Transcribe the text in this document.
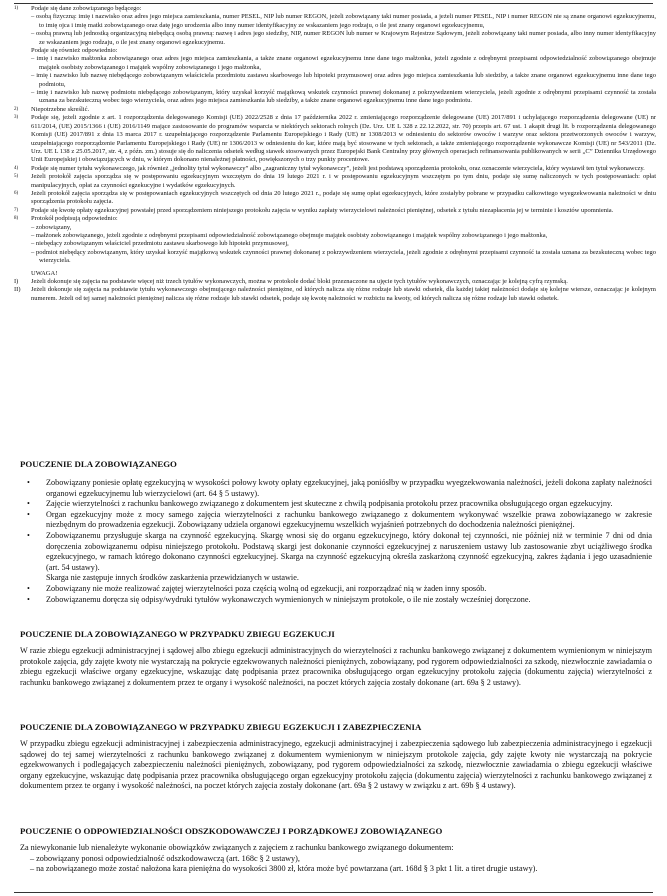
1)	Podaje się dane zobowiązanego będącego:
– osobą fizyczną: imię i nazwisko oraz adres jego miejsca zamieszkania, numer PESEL, NIP lub numer REGON, jeżeli zobowiązany taki numer posiada, a jeżeli numer PESEL, NIP i numer REGON nie są znane organowi egzekucyjnemu, to imię ojca i imię matki zobowiązanego oraz datę jego urodzenia albo inny numer identyfikacyjny ze wskazaniem jego rodzaju, o ile jest znany organowi egzekucyjnemu,
– osobą prawną lub jednostką organizacyjną niebędącą osobą prawną: nazwę i adres jego siedziby, NIP, numer REGON lub numer w Krajowym Rejestrze Sądowym, jeżeli zobowiązany taki numer posiada, albo inny numer identyfikacyjny ze wskazaniem jego rodzaju, o ile jest znany organowi egzekucyjnemu.
Podaje się również odpowiednio:
– imię i nazwisko małżonka zobowiązanego oraz adres jego miejsca zamieszkania, a także znane organowi egzekucyjnemu inne dane tego małżonka, jeżeli zgodnie z odrębnymi przepisami odpowiedzialność zobowiązanego obejmuje majątek osobisty zobowiązanego i majątek wspólny zobowiązanego i jego małżonka,
– imię i nazwisko lub nazwę niebędącego zobowiązanym właściciela przedmiotu zastawu skarbowego lub hipoteki przymusowej oraz adres jego miejsca zamieszkania lub siedziby, a także znane organowi egzekucyjnemu inne dane tego podmiotu,
– imię i nazwisko lub nazwę podmiotu niebędącego zobowiązanym, który uzyskał korzyść majątkową wskutek czynności prawnej dokonanej z pokrzywdzeniem wierzyciela, jeżeli zgodnie z odrębnymi przepisami czynność ta została uznana za bezskuteczną wobec tego wierzyciela, oraz adres jego miejsca zamieszkania lub siedziby, a także znane organowi egzekucyjnemu inne dane tego podmiotu.
2)	Niepotrzebne skreślić.
3)	Podaje się, jeżeli zgodnie z art. 1 rozporządzenia delegowanego Komisji (UE) 2022/2528 z dnia 17 października 2022 r. zmieniającego rozporządzenie delegowane (UE) 2017/891 i uchylającego rozporządzenia delegowane (UE) nr 611/2014, (UE) 2015/1366 i (UE) 2016/1149 mające zastosowanie do programów wsparcia w niektórych sektorach rolnych (Dz. Urz. UE L 328 z 22.12.2022, str. 70) przepis art. 67 ust. 1 akapit drugi lit. b rozporządzenia delegowanego Komisji (UE) 2017/891 z dnia 13 marca 2017 r. uzupełniającego rozporządzenie Parlamentu Europejskiego i Rady (UE) nr 1308/2013 w odniesieniu do sektorów owoców i warzyw oraz sektora przetworzonych owoców i warzyw, uzupełniającego rozporządzenie Parlamentu Europejskiego i Rady (UE) nr 1306/2013 w odniesieniu do kar, które mają być stosowane w tych sektorach, a także zmieniającego rozporządzenie wykonawcze Komisji (UE) nr 543/2011 (Dz. Urz. UE L 138 z 25.05.2017, str. 4, z późn. zm.) stosuje się do naliczenia odsetek według stawek stosowanych przez Europejski Bank Centralny przy głównych operacjach refinansowania publikowanych w serii „C” Dziennika Urzędowego Unii Europejskiej i obowiązujących w dniu, w którym dokonano nienależnej płatności, powiększonych o trzy punkty procentowe.
4)	Podaje się numer tytułu wykonawczego, jak również „jednolity tytuł wykonawczy” albo „zagraniczny tytuł wykonawczy”, jeżeli jest podstawą sporządzenia protokołu, oraz oznaczenie wierzyciela, który wystawił ten tytuł wykonawczy.
5)	Jeżeli protokół zajęcia sporządza się w postępowaniu egzekucyjnym wszczętym do dnia 19 lutego 2021 r. i w postępowaniu egzekucyjnym wszczętym po tym dniu, podaje się sumę naliczonych w tych postępowaniach: opłat manipulacyjnych, opłat za czynności egzekucyjne i wydatków egzekucyjnych.
6)	Jeżeli protokół zajęcia sporządza się w postępowaniach egzekucyjnych wszczętych od dnia 20 lutego 2021 r., podaje się sumę opłat egzekucyjnych, które zostałyby pobrane w przypadku całkowitego wyegzekwowania należności w dniu sporządzenia protokołu zajęcia.
7)	Podaje się kwotę opłaty egzekucyjnej powstałej przed sporządzeniem niniejszego protokołu zajęcia w wyniku zapłaty wierzycielowi należności pieniężnej, odsetek z tytułu niezapłacenia jej w terminie i kosztów upomnienia.
8)	Protokół podpisują odpowiednio:
– zobowiązany,
– małżonek zobowiązanego, jeżeli zgodnie z odrębnymi przepisami odpowiedzialność zobowiązanego obejmuje majątek osobisty zobowiązanego i majątek wspólny zobowiązanego i jego małżonka,
– niebędący zobowiązanym właściciel przedmiotu zastawu skarbowego lub hipoteki przymusowej,
– podmiot niebędący zobowiązanym, który uzyskał korzyść majątkową wskutek czynności prawnej dokonanej z pokrzywdzeniem wierzyciela, jeżeli zgodnie z odrębnymi przepisami czynność ta została uznana za bezskuteczną wobec tego wierzyciela.
UWAGA!
I)	Jeżeli dokonuje się zajęcia na podstawie więcej niż trzech tytułów wykonawczych, można w protokole dodać bloki przeznaczone na ujęcie tych tytułów wykonawczych, oznaczając je kolejną cyfrą rzymską.
II)	Jeżeli dokonuje się zajęcia na podstawie tytułu wykonawczego obejmującego należności pieniężne, od których nalicza się różne rodzaje lub stawki odsetek, dla każdej takiej należności dodaje się kolejne wiersze, oznaczając je kolejnym numerem. Jeżeli od tej samej należności pieniężnej nalicza się różne rodzaje lub stawki odsetek, podaje się kwotę należności w rozbiciu na kwoty, od których nalicza się różne rodzaje lub stawki odsetek.
POUCZENIE DLA ZOBOWIĄZANEGO
• Zobowiązany poniesie opłatę egzekucyjną w wysokości połowy kwoty opłaty egzekucyjnej, jaką poniósłby w przypadku wyegzekwowania należności, jeżeli dokona zapłaty należności organowi egzekucyjnemu lub wierzycielowi (art. 64 § 5 ustawy).
• Zajęcie wierzytelności z rachunku bankowego związanego z dokumentem jest skuteczne z chwilą podpisania protokołu przez pracownika obsługującego organ egzekucyjny.
• Organ egzekucyjny może z mocy samego zajęcia wierzytelności z rachunku bankowego związanego z dokumentem wykonywać wszelkie prawa zobowiązanego w zakresie niezbędnym do prowadzenia egzekucji. Zobowiązany udziela organowi egzekucyjnemu wszelkich wyjaśnień potrzebnych do dochodzenia należności pieniężnej.
• Zobowiązanemu przysługuje skarga na czynność egzekucyjną. Skargę wnosi się do organu egzekucyjnego, który dokonał tej czynności, nie później niż w terminie 7 dni od dnia doręczenia zobowiązanemu odpisu niniejszego protokołu. Podstawą skargi jest dokonanie czynności egzekucyjnej z naruszeniem ustawy lub zastosowanie zbyt uciążliwego środka egzekucyjnego, w ramach którego dokonano czynności egzekucyjnej. Skarga na czynność egzekucyjną określa zaskarżoną czynność egzekucyjną, zakres żądania i jego uzasadnienie (art. 54 ustawy).
Skarga nie zastępuje innych środków zaskarżenia przewidzianych w ustawie.
• Zobowiązany nie może realizować zajętej wierzytelności poza częścią wolną od egzekucji, ani rozporządzać nią w żaden inny sposób.
• Zobowiązanemu doręcza się odpisy/wydruki tytułów wykonawczych wymienionych w niniejszym protokole, o ile nie zostały wcześniej doręczone.
POUCZENIE DLA ZOBOWIĄZANEGO W PRZYPADKU ZBIEGU EGZEKUCJI
W razie zbiegu egzekucji administracyjnej i sądowej albo zbiegu egzekucji administracyjnych do wierzytelności z rachunku bankowego związanej z dokumentem wymienionym w niniejszym protokole zajęcia, gdy zajęte kwoty nie wystarczają na pokrycie egzekwowanych należności pieniężnych, zobowiązany, pod rygorem odpowiedzialności za szkodę, niezwłocznie zawiadamia o zbiegu egzekucji właściwe organy egzekucyjne, wskazując datę podpisania przez pracownika obsługującego organ egzekucyjny protokołu zajęcia (dokumentu zajęcia) wierzytelności z rachunku bankowego związanej z dokumentem przez te organy i wysokość należności, na poczet których zajęcia zostały dokonane (art. 69a § 2 ustawy).
POUCZENIE DLA ZOBOWIĄZANEGO W PRZYPADKU ZBIEGU EGZEKUCJI I ZABEZPIECZENIA
W przypadku zbiegu egzekucji administracyjnej i zabezpieczenia administracyjnego, egzekucji administracyjnej i zabezpieczenia sądowego lub zabezpieczenia administracyjnego i egzekucji sądowej do tej samej wierzytelności z rachunku bankowego związanej z dokumentem wymienionym w niniejszym protokole zajęcia, gdy zajęte kwoty nie wystarczają na pokrycie egzekwowanych i podlegających zabezpieczeniu należności pieniężnych, zobowiązany, pod rygorem odpowiedzialności za szkodę, niezwłocznie zawiadamia o zbiegu egzekucji właściwe organy egzekucyjne, wskazując datę podpisania przez pracownika obsługującego organ egzekucyjny protokołu zajęcia (dokumentu zajęcia) wierzytelności z rachunku bankowego związanej z dokumentem przez te organy i wysokość należności, na poczet których zajęcia zostały dokonane (art. 69a § 2 ustawy w związku z art. 69b § 4 ustawy).
POUCZENIE O ODPOWIEDZIALNOŚCI ODSZKODOWAWCZEJ I PORZĄDKOWEJ ZOBOWIĄZANEGO
Za niewykonanie lub nienależyte wykonanie obowiązków związanych z zajęciem z rachunku bankowego związanego dokumentem:
– zobowiązany ponosi odpowiedzialność odszkodowawczą (art. 168c § 2 ustawy),
– na zobowiązanego może zostać nałożona kara pieniężna do wysokości 3800 zł, która może być powtarzana (art. 168d § 3 pkt 1 lit. a tiret drugie ustawy).
